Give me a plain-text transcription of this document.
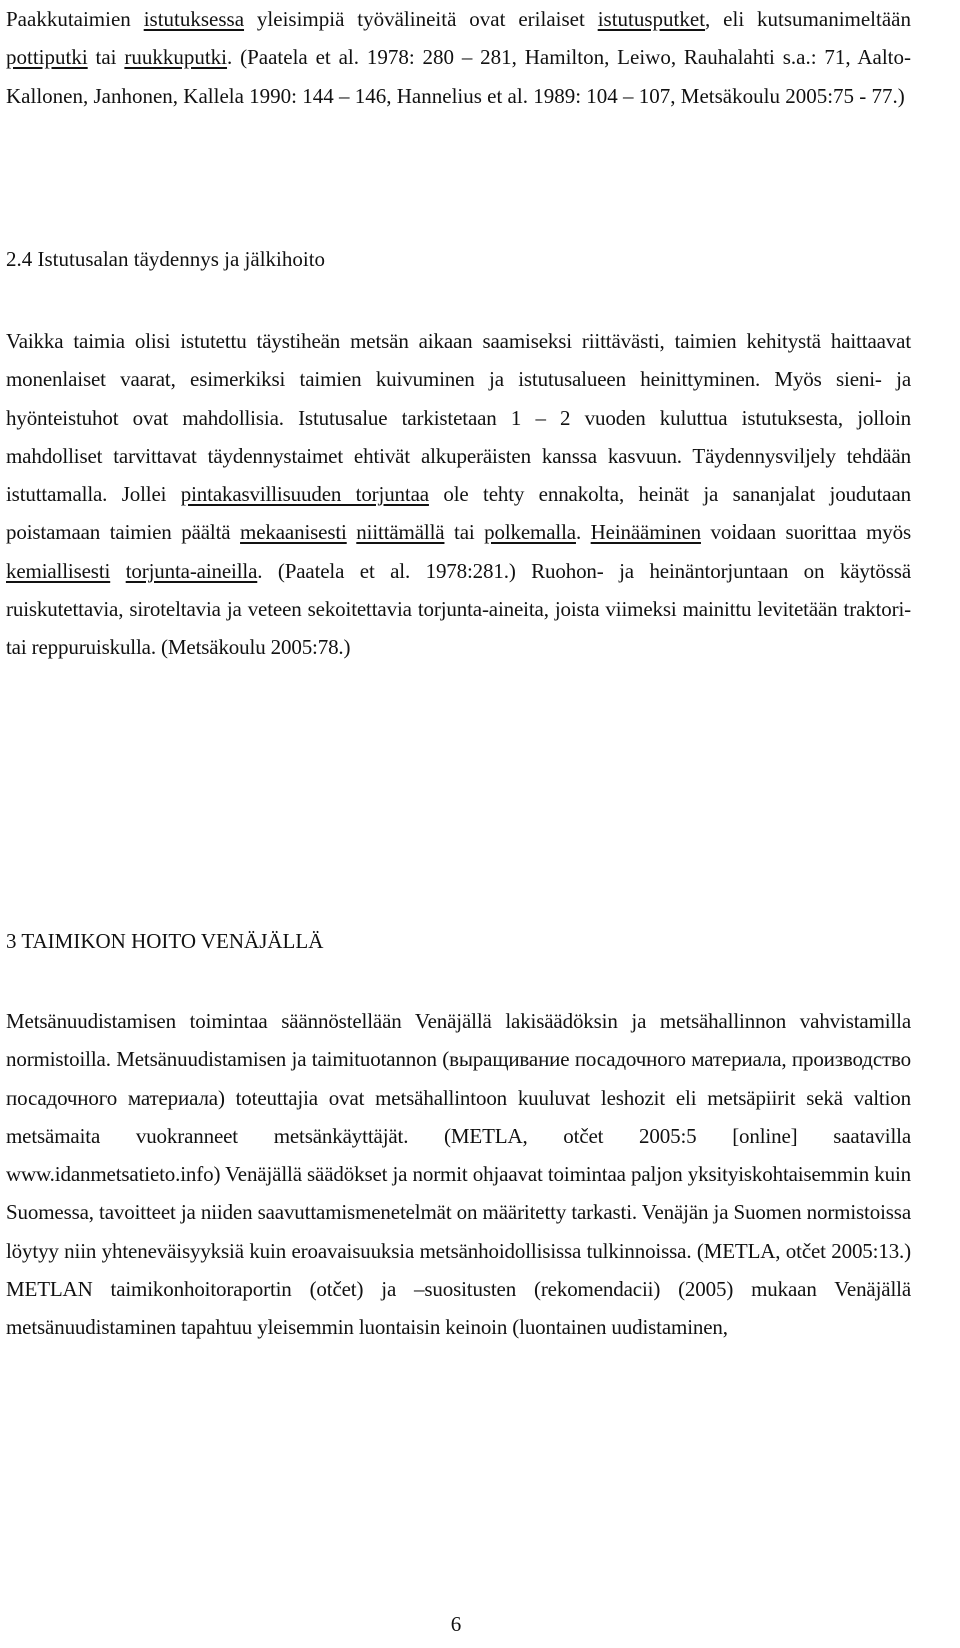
Paakkutaimien istutuksessa yleisimpiä työvälineitä ovat erilaiset istutusputket, eli kutsumanimeltään pottiputki tai ruukkuputki. (Paatela et al. 1978: 280 – 281, Hamilton, Leiwo, Rauhalahti s.a.: 71, Aalto-Kallonen, Janhonen, Kallela 1990: 144 – 146, Hannelius et al. 1989: 104 – 107, Metsäkoulu 2005:75 - 77.)

2.4 Istutusalan täydennys ja jälkihoito

Vaikka taimia olisi istutettu täystiheän metsän aikaan saamiseksi riittävästi, taimien kehitystä haittaavat monenlaiset vaarat, esimerkiksi taimien kuivuminen ja istutusalueen heinittyminen. Myös sieni- ja hyönteistuhot ovat mahdollisia. Istutusalue tarkistetaan 1 – 2 vuoden kuluttua istutuksesta, jolloin mahdolliset tarvittavat täydennystaimet ehtivät alkuperäisten kanssa kasvuun. Täydennysviljely tehdään istuttamalla. Jollei pintakasvillisuuden torjuntaa ole tehty ennakolta, heinät ja sananjalat joudutaan poistamaan taimien päältä mekaanisesti niittämällä tai polkemalla. Heinääminen voidaan suorittaa myös kemiallisesti torjunta-aineilla. (Paatela et al. 1978:281.) Ruohon- ja heinäntorjuntaan on käytössä ruiskutettavia, siroteltavia ja veteen sekoitettavia torjunta-aineita, joista viimeksi mainittu levitetään traktori- tai reppuruiskulla. (Metsäkoulu 2005:78.)

3 TAIMIKON HOITO VENÄJÄLLÄ

Metsänuudistamisen toimintaa säännöstellään Venäjällä lakisäädöksin ja metsähallinnon vahvistamilla normistoilla. Metsänuudistamisen ja taimituotannon (выращивание посадочного материала, производство посадочного материала) toteuttajia ovat metsähallintoon kuuluvat leshozit eli metsäpiirit sekä valtion metsämaita vuokranneet metsänkäyttäjät. (METLA, otčet 2005:5 [online] saatavilla www.idanmetsatieto.info) Venäjällä säädökset ja normit ohjaavat toimintaa paljon yksityiskohtaisemmin kuin Suomessa, tavoitteet ja niiden saavuttamismenetelmät on määritetty tarkasti. Venäjän ja Suomen normistoissa löytyy niin yhteneväisyyksiä kuin eroavaisuuksia metsänhoidollisissa tulkinnoissa. (METLA, otčet 2005:13.) METLAN taimikonhoitoraportin (otčet) ja –suositusten (rekomendacii) (2005) mukaan Venäjällä metsänuudistaminen tapahtuu yleisemmin luontaisin keinoin (luontainen uudistaminen,

6
